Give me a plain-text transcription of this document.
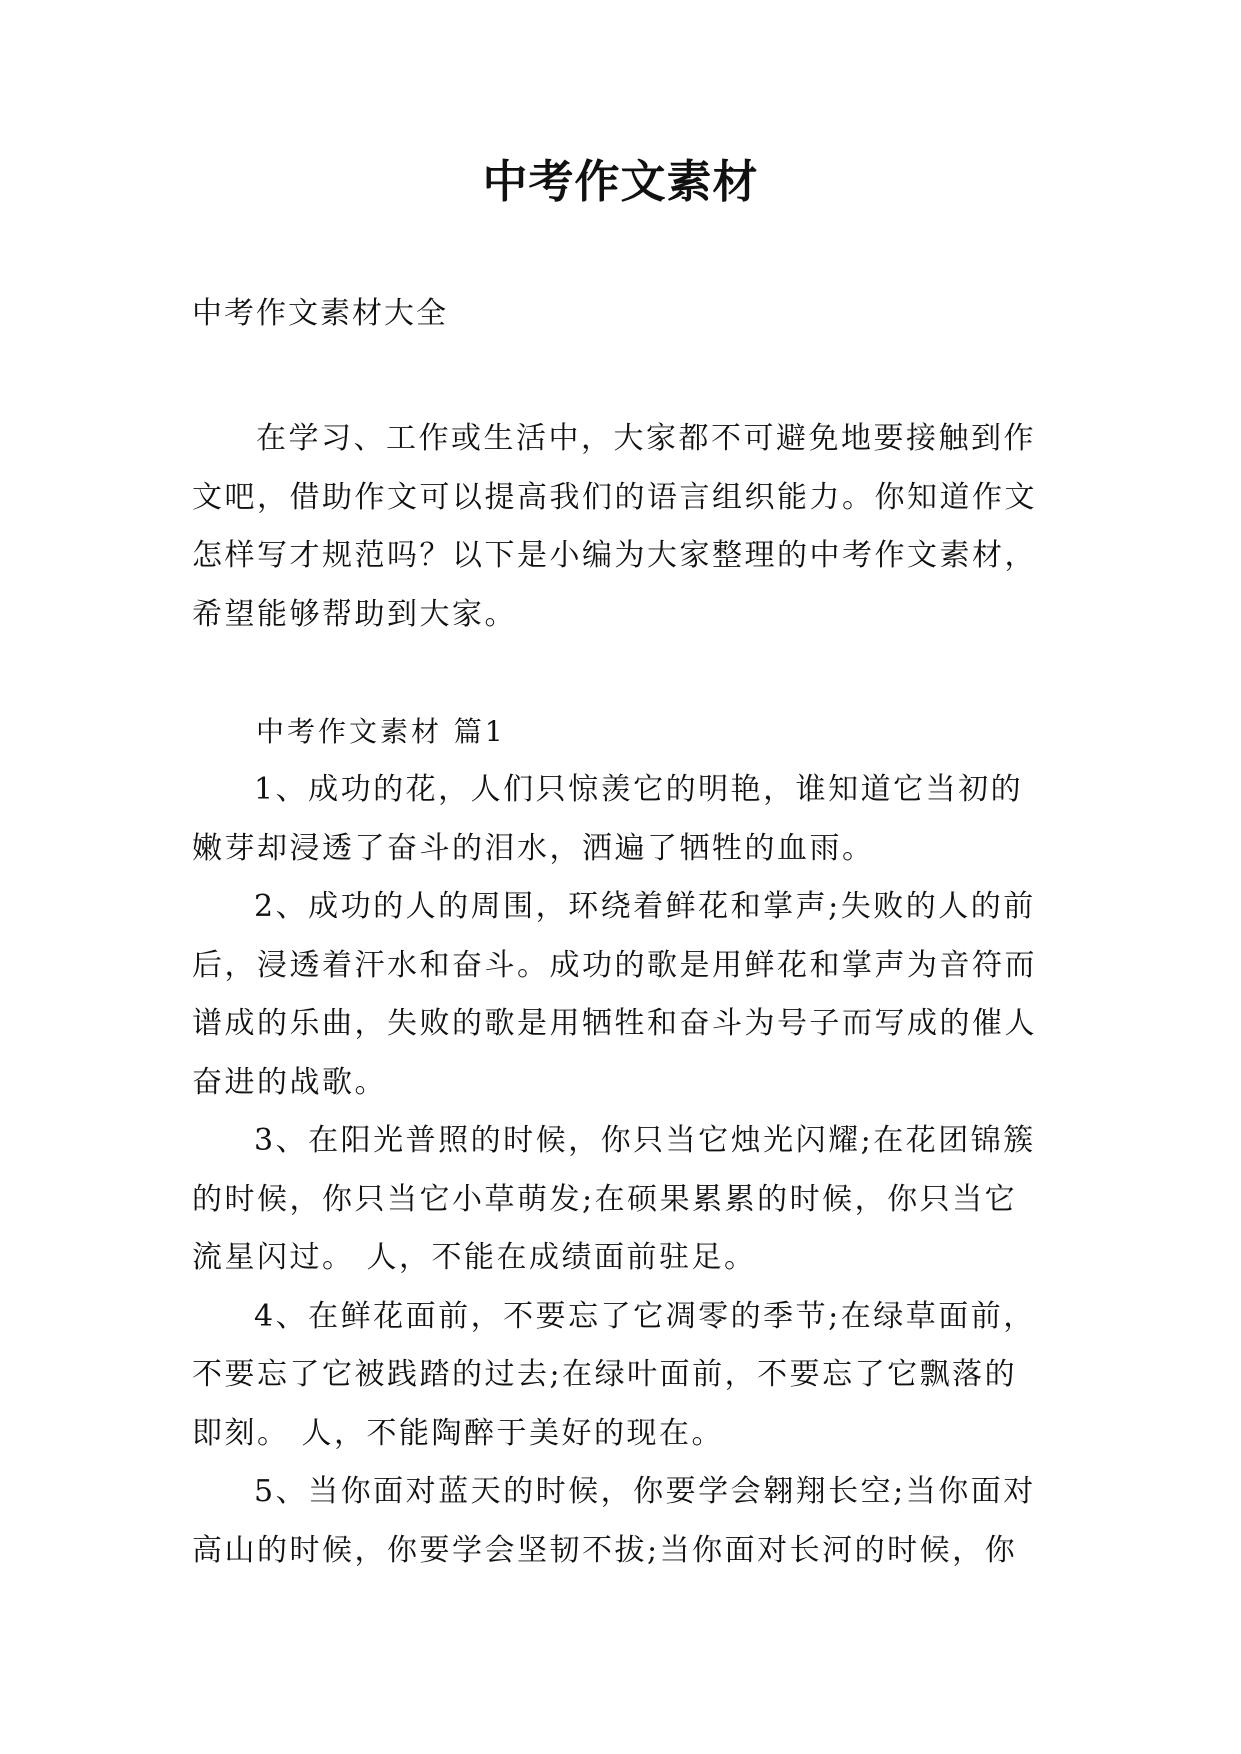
中考作文素材

中考作文素材大全

在学习、工作或生活中，大家都不可避免地要接触到作

文吧，借助作文可以提高我们的语言组织能力。你知道作文

怎样写才规范吗？以下是小编为大家整理的中考作文素材，

希望能够帮助到大家。

中考作文素材 篇1

1、成功的花，人们只惊羡它的明艳，谁知道它当初的

嫩芽却浸透了奋斗的泪水，洒遍了牺牲的血雨。

2、成功的人的周围，环绕着鲜花和掌声;失败的人的前

后，浸透着汗水和奋斗。成功的歌是用鲜花和掌声为音符而

谱成的乐曲，失败的歌是用牺牲和奋斗为号子而写成的催人

奋进的战歌。

3、在阳光普照的时候，你只当它烛光闪耀;在花团锦簇

的时候，你只当它小草萌发;在硕果累累的时候，你只当它

流星闪过。 人，不能在成绩面前驻足。

4、在鲜花面前，不要忘了它凋零的季节;在绿草面前，

不要忘了它被践踏的过去;在绿叶面前，不要忘了它飘落的

即刻。 人，不能陶醉于美好的现在。

5、当你面对蓝天的时候，你要学会翱翔长空;当你面对

高山的时候，你要学会坚韧不拔;当你面对长河的时候，你
